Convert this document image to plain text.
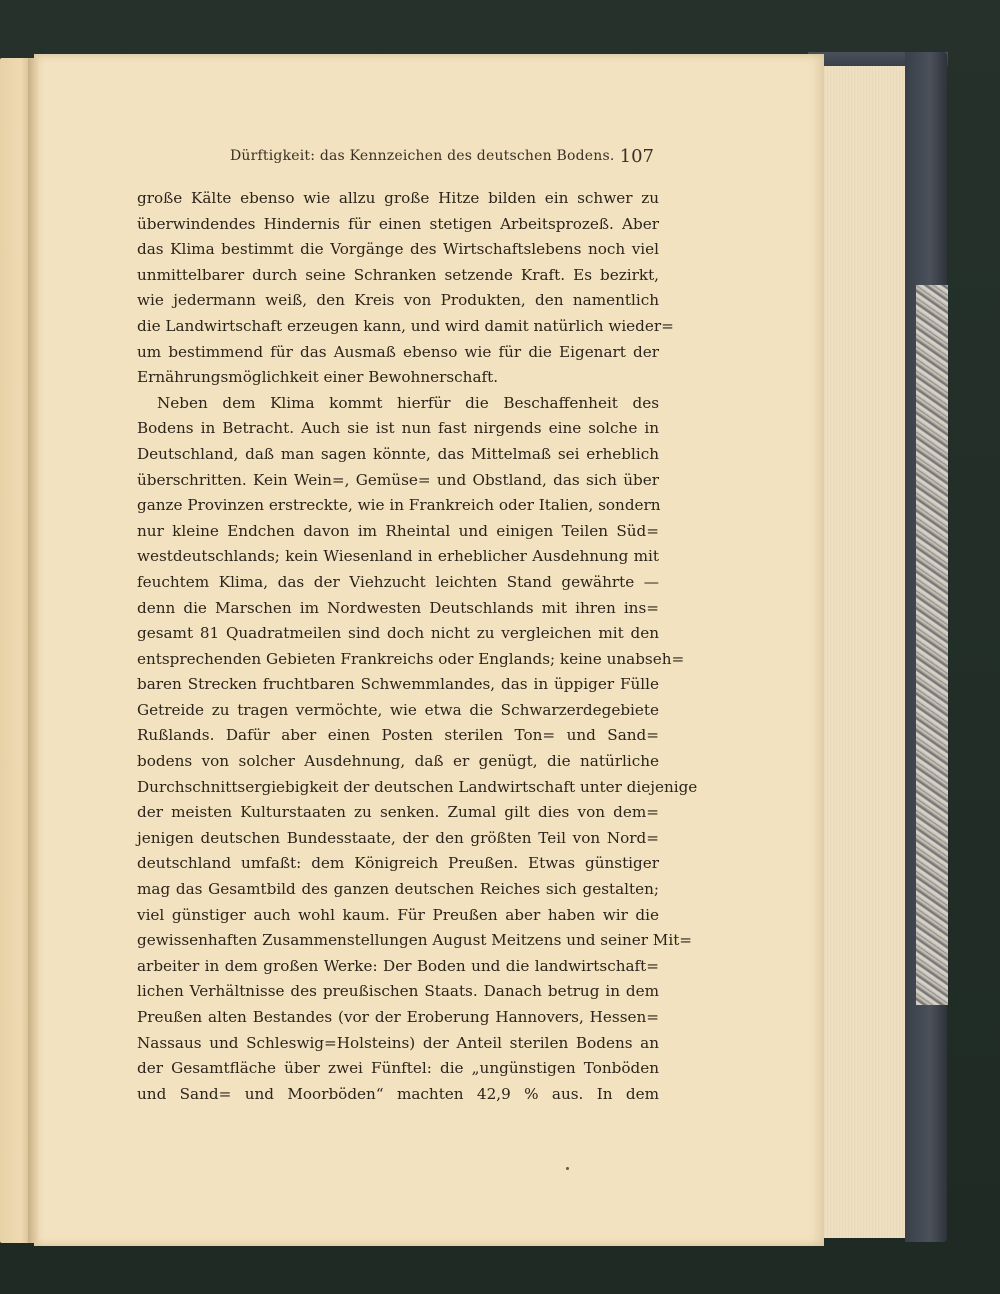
Dürftigkeit: das Kennzeichen des deutschen Bodens. 107
große Kälte ebenso wie allzu große Hitze bilden ein schwer zu
überwindendes Hindernis für einen stetigen Arbeitsprozeß. Aber
das Klima bestimmt die Vorgänge des Wirtschaftslebens noch viel
unmittelbarer durch seine Schranken setzende Kraft. Es bezirkt,
wie jedermann weiß, den Kreis von Produkten, den namentlich
die Landwirtschaft erzeugen kann, und wird damit natürlich wieder=
um bestimmend für das Ausmaß ebenso wie für die Eigenart der
Ernährungsmöglichkeit einer Bewohnerschaft.
Neben dem Klima kommt hierfür die Beschaffenheit des
Bodens in Betracht. Auch sie ist nun fast nirgends eine solche in
Deutschland, daß man sagen könnte, das Mittelmaß sei erheblich
überschritten. Kein Wein=, Gemüse= und Obstland, das sich über
ganze Provinzen erstreckte, wie in Frankreich oder Italien, sondern
nur kleine Endchen davon im Rheintal und einigen Teilen Süd=
westdeutschlands; kein Wiesenland in erheblicher Ausdehnung mit
feuchtem Klima, das der Viehzucht leichten Stand gewährte —
denn die Marschen im Nordwesten Deutschlands mit ihren ins=
gesamt 81 Quadratmeilen sind doch nicht zu vergleichen mit den
entsprechenden Gebieten Frankreichs oder Englands; keine unabseh=
baren Strecken fruchtbaren Schwemmlandes, das in üppiger Fülle
Getreide zu tragen vermöchte, wie etwa die Schwarzerdegebiete
Rußlands. Dafür aber einen Posten sterilen Ton= und Sand=
bodens von solcher Ausdehnung, daß er genügt, die natürliche
Durchschnittsergiebigkeit der deutschen Landwirtschaft unter diejenige
der meisten Kulturstaaten zu senken. Zumal gilt dies von dem=
jenigen deutschen Bundesstaate, der den größten Teil von Nord=
deutschland umfaßt: dem Königreich Preußen. Etwas günstiger
mag das Gesamtbild des ganzen deutschen Reiches sich gestalten;
viel günstiger auch wohl kaum. Für Preußen aber haben wir die
gewissenhaften Zusammenstellungen August Meitzens und seiner Mit=
arbeiter in dem großen Werke: Der Boden und die landwirtschaft=
lichen Verhältnisse des preußischen Staats. Danach betrug in dem
Preußen alten Bestandes (vor der Eroberung Hannovers, Hessen=
Nassaus und Schleswig=Holsteins) der Anteil sterilen Bodens an
der Gesamtfläche über zwei Fünftel: die „ungünstigen Tonböden
und Sand= und Moorböden“ machten 42,9 % aus. In dem
